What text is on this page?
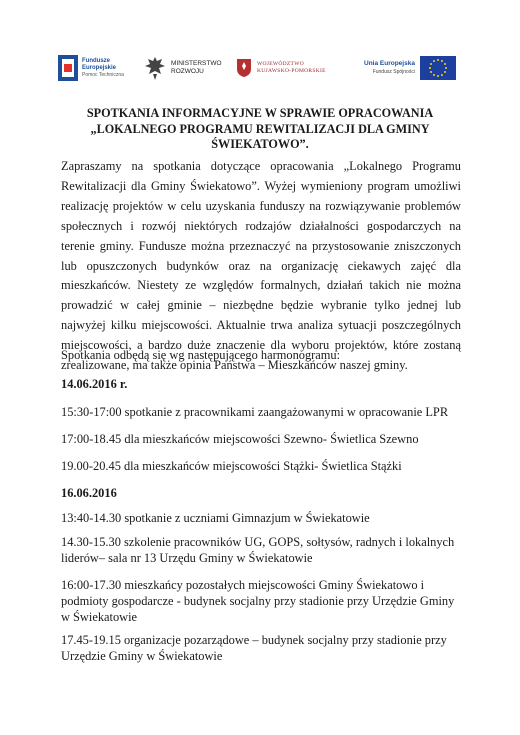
Fundusze
Europejskie
Pomoc Techniczna
MINISTERSTWO
ROZWOJU
WOJEWÓDZTWO
KUJAWSKO-POMORSKIE
Unia Europejska
Fundusz Spójności
SPOTKANIA INFORMACYJNE W SPRAWIE OPRACOWANIA
„LOKALNEGO PROGRAMU REWITALIZACJI DLA GMINY
ŚWIEKATOWO”.
Zapraszamy na spotkania dotyczące opracowania „Lokalnego Programu Rewitalizacji dla Gminy Świekatowo”. Wyżej wymieniony program umożliwi realizację projektów w celu uzyskania funduszy na rozwiązywanie problemów społecznych i rozwój niektórych rodzajów działalności gospodarczych na terenie gminy. Fundusze można przeznaczyć na przystosowanie zniszczonych lub opuszczonych budynków oraz na organizację ciekawych zajęć dla mieszkańców. Niestety ze względów formalnych, działań takich nie można prowadzić w całej gminie – niezbędne będzie wybranie tylko jednej lub najwyżej kilku miejscowości. Aktualnie trwa analiza sytuacji poszczególnych miejscowości, a bardzo duże znaczenie dla wyboru projektów, które zostaną zrealizowane, ma także opinia Państwa – Mieszkańców naszej gminy.
Spotkania odbędą się wg następującego harmonogramu:
14.06.2016 r.
15:30-17:00 spotkanie z pracownikami zaangażowanymi w opracowanie LPR
17:00-18.45 dla mieszkańców miejscowości Szewno- Świetlica Szewno
19.00-20.45 dla mieszkańców miejscowości Stążki- Świetlica Stążki
16.06.2016
13:40-14.30 spotkanie z uczniami Gimnazjum w Świekatowie
14.30-15.30 szkolenie pracowników UG, GOPS, sołtysów, radnych i lokalnych liderów– sala nr 13 Urzędu Gminy w Świekatowie
16:00-17.30 mieszkańcy pozostałych miejscowości Gminy Świekatowo i podmioty gospodarcze - budynek socjalny przy stadionie przy Urzędzie Gminy w Świekatowie
17.45-19.15 organizacje pozarządowe – budynek socjalny przy stadionie przy Urzędzie Gminy w Świekatowie
